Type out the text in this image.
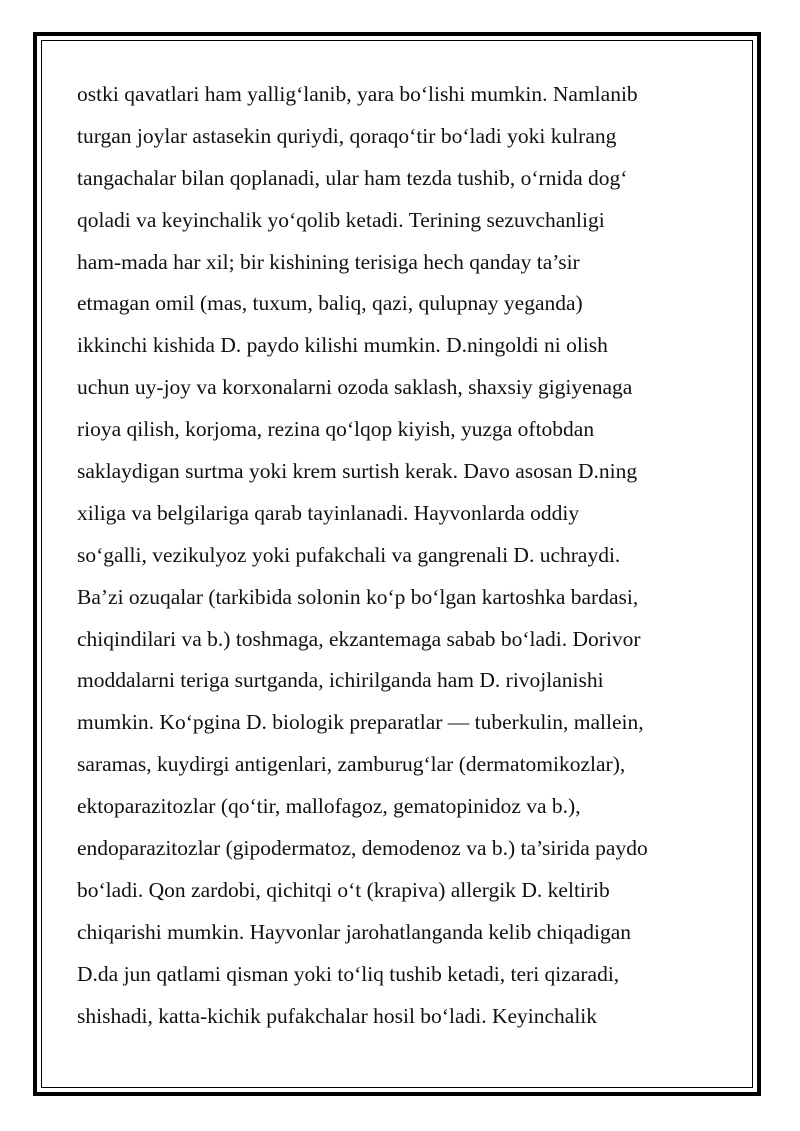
ostki qavatlari ham yallig‘lanib, yara bo‘lishi mumkin. Namlanib
turgan joylar astasekin quriydi, qoraqo‘tir bo‘ladi yoki kulrang
tangachalar bilan qoplanadi, ular ham tezda tushib, o‘rnida dog‘
qoladi va keyinchalik yo‘qolib ketadi. Terining sezuvchanligi
ham-mada har xil; bir kishining terisiga hech qanday ta’sir
etmagan omil (mas, tuxum, baliq, qazi, qulupnay yeganda)
ikkinchi kishida D. paydo kilishi mumkin. D.ningoldi ni olish
uchun uy-joy va korxonalarni ozoda saklash, shaxsiy gigiyenaga
rioya qilish, korjoma, rezina qo‘lqop kiyish, yuzga oftobdan
saklaydigan surtma yoki krem surtish kerak. Davo asosan D.ning
xiliga va belgilariga qarab tayinlanadi. Hayvonlarda oddiy
so‘galli, vezikulyoz yoki pufakchali va gangrenali D. uchraydi.
Ba’zi ozuqalar (tarkibida solonin ko‘p bo‘lgan kartoshka bardasi,
chiqindilari va b.) toshmaga, ekzantemaga sabab bo‘ladi. Dorivor
moddalarni teriga surtganda, ichirilganda ham D. rivojlanishi
mumkin. Ko‘pgina D. biologik preparatlar — tuberkulin, mallein,
saramas, kuydirgi antigenlari, zamburug‘lar (dermatomikozlar),
ektoparazitozlar (qo‘tir, mallofagoz, gematopinidoz va b.),
endoparazitozlar (gipodermatoz, demodenoz va b.) ta’sirida paydo
bo‘ladi. Qon zardobi, qichitqi o‘t (krapiva) allergik D. keltirib
chiqarishi mumkin. Hayvonlar jarohatlanganda kelib chiqadigan
D.da jun qatlami qisman yoki to‘liq tushib ketadi, teri qizaradi,
shishadi, katta-kichik pufakchalar hosil bo‘ladi. Keyinchalik
